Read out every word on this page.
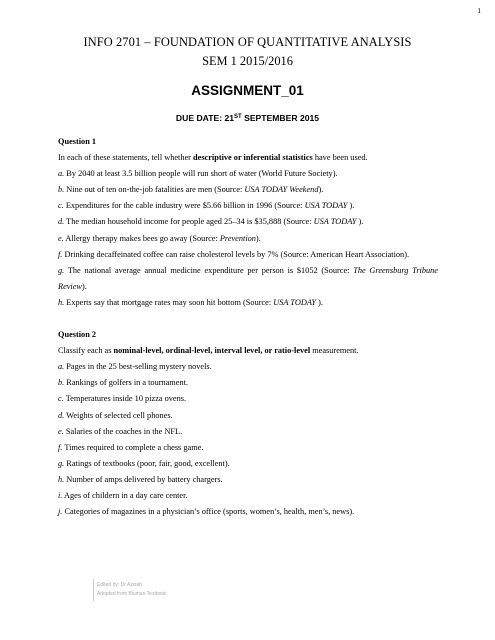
1
INFO 2701 – FOUNDATION OF QUANTITATIVE ANALYSIS
SEM 1 2015/2016
ASSIGNMENT_01
DUE DATE: 21ST SEPTEMBER 2015

Question 1

In each of these statements, tell whether descriptive or inferential statistics have been used.

a. By 2040 at least 3.5 billion people will run short of water (World Future Society).

b. Nine out of ten on-the-job fatalities are men (Source: USA TODAY Weekend).

c. Expenditures for the cable industry were $5.66 billion in 1996 (Source: USA TODAY ).

d. The median household income for people aged 25–34 is $35,888 (Source: USA TODAY ).

e. Allergy therapy makes bees go away (Source: Prevention).

f. Drinking decaffeinated coffee can raise cholesterol levels by 7% (Source: American Heart Association).

g. The national average annual medicine expenditure per person is $1052 (Source: The Greensburg Tribune Review).

h. Experts say that mortgage rates may soon hit bottom (Source: USA TODAY ).

Question 2

Classify each as nominal-level, ordinal-level, interval level, or ratio-level measurement.

a. Pages in the 25 best-selling mystery novels.

b. Rankings of golfers in a tournament.

c. Temperatures inside 10 pizza ovens.

d. Weights of selected cell phones.

e. Salaries of the coaches in the NFL.

f. Times required to complete a chess game.

g. Ratings of textbooks (poor, fair, good, excellent).

h. Number of amps delivered by battery chargers.

i. Ages of childern in a day care center.

j. Categories of magazines in a physician’s office (sports, women’s, health, men’s, news).

Edited by: Dr Azizah
Adopted from Bluman Textbook
